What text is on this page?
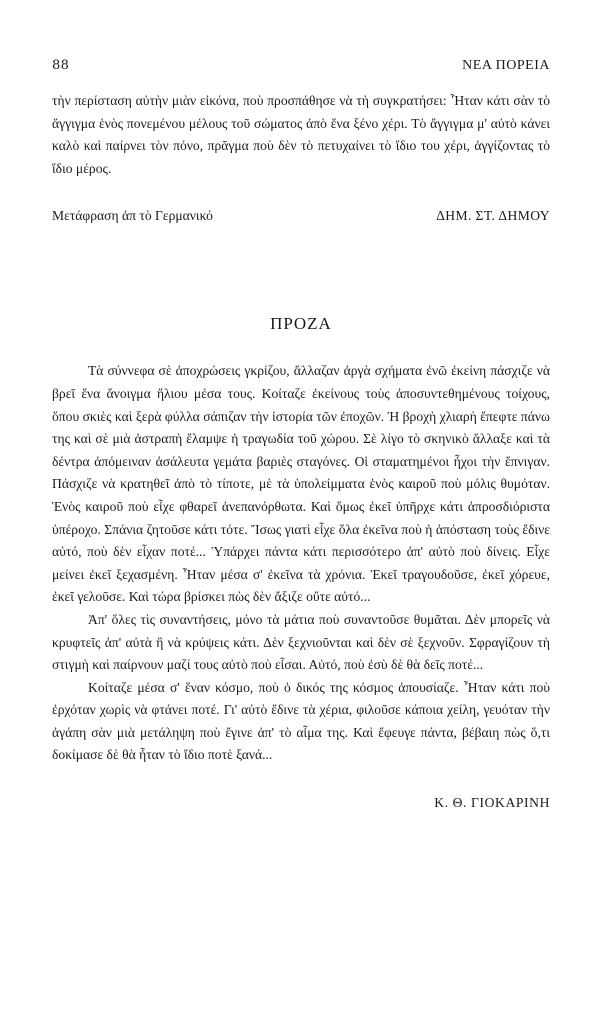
88	ΝΕΑ ΠΟΡΕΙΑ

τὴν περίσταση αὐτὴν μιὰν εἰκόνα, ποὺ προσπάθησε νὰ τὴ συγκρατήσει: Ἦταν κάτι σὰν τὸ ἄγγιγμα ἑνὸς πονεμένου μέλους τοῦ σώματος ἀπὸ ἕνα ξένο χέρι. Τὸ ἄγγιγμα μ' αὐτὸ κάνει καλὸ καὶ παίρνει τὸν πόνο, πρᾶγμα ποὺ δὲν τὸ πετυχαίνει τὸ ἴδιο του χέρι, ἀγγίζοντας τὸ ἴδιο μέρος.

Μετάφραση ἀπ τὸ Γερμανικό	ΔΗΜ. ΣΤ. ΔΗΜΟΥ
ΠΡΟΖΑ

Τὰ σύννεφα σὲ ἀποχρώσεις γκρίζου, ἄλλαζαν ἀργὰ σχήματα ἐνῶ ἐκείνη πάσχιζε νὰ βρεῖ ἕνα ἄνοιγμα ἥλιου μέσα τους. Κοίταζε ἐκείνους τοὺς ἀποσυντεθημένους τοίχους, ὅπου σκιὲς καὶ ξερὰ φύλλα σάπιζαν τὴν ἱστορία τῶν ἐποχῶν. Ἡ βροχὴ χλιαρὴ ἔπεφτε πάνω της καὶ σὲ μιὰ ἀστραπὴ ἔλαμψε ἡ τραγωδία τοῦ χώρου. Σὲ λίγο τὸ σκηνικὸ ἄλλαξε καὶ τὰ δέντρα ἀπόμειναν ἀσάλευτα γεμάτα βαριὲς σταγόνες. Οἱ σταματημένοι ἦχοι τὴν ἔπνιγαν. Πάσχιζε νὰ κρατηθεῖ ἀπὸ τὸ τίποτε, μὲ τὰ ὑπολείμματα ἑνὸς καιροῦ ποὺ μόλις θυμόταν. Ἑνὸς καιροῦ ποὺ εἶχε φθαρεῖ ἀνεπανόρθωτα. Καὶ ὅμως ἐκεῖ ὑπῆρχε κάτι ἀπροσδιόριστα ὑπέροχο. Σπάνια ζητοῦσε κάτι τότε. Ἴσως γιατὶ εἶχε ὅλα ἐκεῖνα ποὺ ἡ ἀπόσταση τοὺς ἔδινε αὐτό, ποὺ δὲν εἶχαν ποτέ... Ὑπάρχει πάντα κάτι περισσότερο ἀπ' αὐτὸ ποὺ δίνεις. Εἶχε μείνει ἐκεῖ ξεχασμένη. Ἦταν μέσα σ' ἐκεῖνα τὰ χρόνια. Ἐκεῖ τραγουδοῦσε, ἐκεῖ χόρευε, ἐκεῖ γελοῦσε. Καὶ τώρα βρίσκει πὼς δὲν ἄξιζε οὔτε αὐτό...

Ἀπ' ὅλες τὶς συναντήσεις, μόνο τὰ μάτια ποὺ συναντοῦσε θυμᾶται. Δὲν μπορεῖς νὰ κρυφτεῖς ἀπ' αὐτὰ ἢ νὰ κρύψεις κάτι. Δὲν ξεχνιοῦνται καὶ δὲν σὲ ξεχνοῦν. Σφραγίζουν τὴ στιγμὴ καὶ παίρνουν μαζί τους αὐτὸ ποὺ εἶσαι. Αὐτό, ποὺ ἐσὺ δὲ θὰ δεῖς ποτέ...

Κοίταζε μέσα σ' ἕναν κόσμο, ποὺ ὁ δικός της κόσμος ἀπουσίαζε. Ἦταν κάτι ποὺ ἐρχόταν χωρὶς νὰ φτάνει ποτέ. Γι' αὐτὸ ἔδινε τὰ χέρια, φιλοῦσε κάποια χείλη, γευόταν τὴν ἀγάπη σὰν μιὰ μετάληψη ποὺ ἔγινε ἀπ' τὸ αἷμα της. Καὶ ἔφευγε πάντα, βέβαιη πὼς ὅ,τι δοκίμασε δὲ θὰ ἦταν τὸ ἴδιο ποτὲ ξανά...

Κ. Θ. ΓΙΟΚΑΡΙΝΗ
